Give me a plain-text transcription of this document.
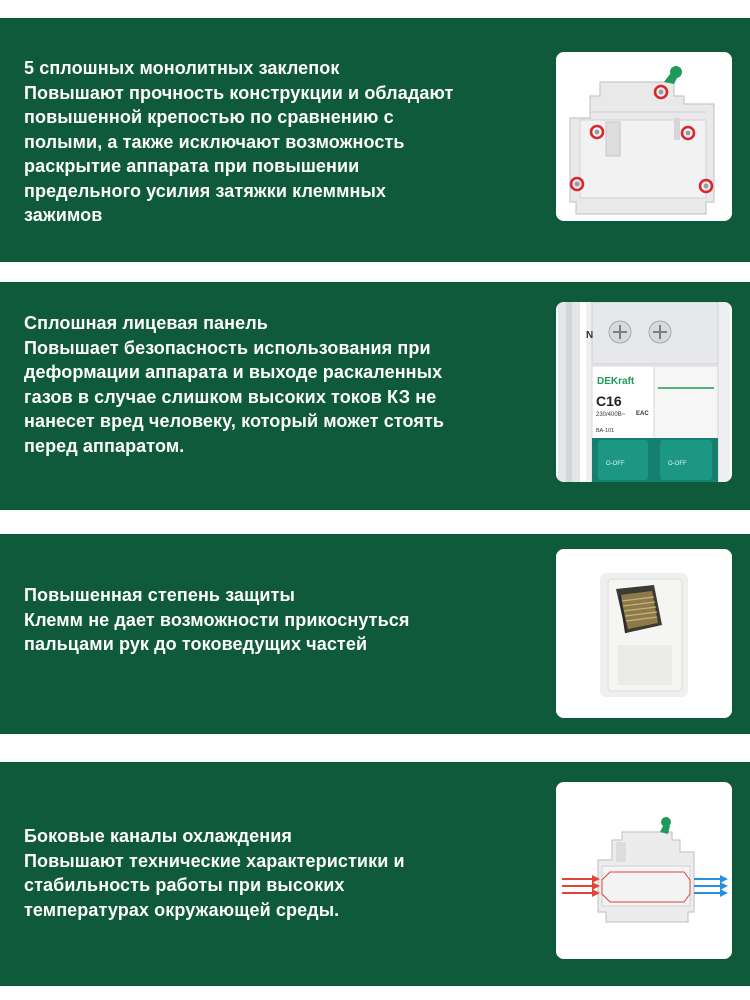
5 сплошных монолитных заклепок
Повышают прочность конструкции и обладают
повышенной крепостью по сравнению с
полыми, а также исключают возможность
раскрытие аппарата при повышении
предельного усилия затяжки клеммных
зажимов
Сплошная лицевая панель
Повышает безопасность использования при
деформации аппарата и выходе раскаленных
газов в случае слишком высоких токов КЗ не
нанесет вред человеку, который может стоять
перед аппаратом.
N
DEKraft
C16
230/400В~ EAC
ВА-101
О-OFF	О-OFF
Повышенная степень защиты
Клемм не дает возможности прикоснуться
пальцами рук до токоведущих частей
Боковые каналы охлаждения
Повышают технические характеристики и
стабильность работы при высоких
температурах окружающей среды.
